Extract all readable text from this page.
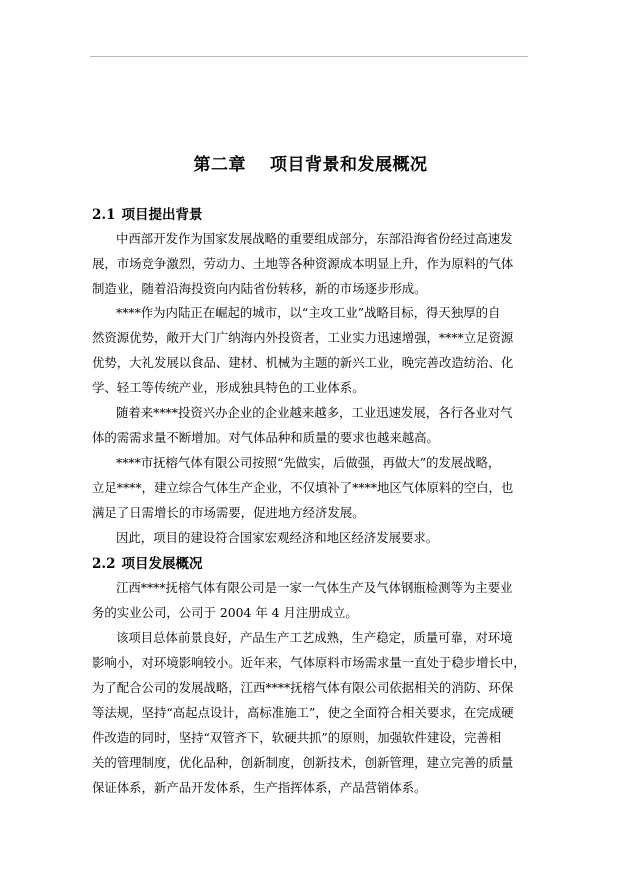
第二章 项目背景和发展概况
2.1 项目提出背景

中西部开发作为国家发展战略的重要组成部分，东部沿海省份经过高速发

展，市场竞争激烈，劳动力、土地等各种资源成本明显上升，作为原料的气体

制造业，随着沿海投资向内陆省份转移，新的市场逐步形成。

****作为内陆正在崛起的城市，以“主攻工业”战略目标，得天独厚的自

然资源优势，敞开大门广纳海内外投资者，工业实力迅速增强，****立足资源

优势，大礼发展以食品、建材、机械为主题的新兴工业，晚完善改造纺治、化

学、轻工等传统产业，形成独具特色的工业体系。

随着来****投资兴办企业的企业越来越多，工业迅速发展，各行各业对气

体的需需求量不断增加。对气体品种和质量的要求也越来越高。

****市抚榕气体有限公司按照“先做实，后做强，再做大”的发展战略，

立足****，建立综合气体生产企业，不仅填补了****地区气体原料的空白，也

满足了日需增长的市场需要，促进地方经济发展。

因此，项目的建设符合国家宏观经济和地区经济发展要求。

2.2 项目发展概况

江西****抚榕气体有限公司是一家一气体生产及气体钢瓶检测等为主要业

务的实业公司，公司于 2004 年 4 月注册成立。

该项目总体前景良好，产品生产工艺成熟，生产稳定，质量可靠，对环境

影响小，对环境影响较小。近年来，气体原料市场需求量一直处于稳步增长中，

为了配合公司的发展战略，江西****抚榕气体有限公司依据相关的消防、环保

等法规，坚持“高起点设计，高标准施工”，使之全面符合相关要求，在完成硬

件改造的同时，坚持“双管齐下，软硬共抓”的原则，加强软件建设，完善相

关的管理制度，优化品种，创新制度，创新技术，创新管理，建立完善的质量

保证体系，新产品开发体系，生产指挥体系，产品营销体系。
